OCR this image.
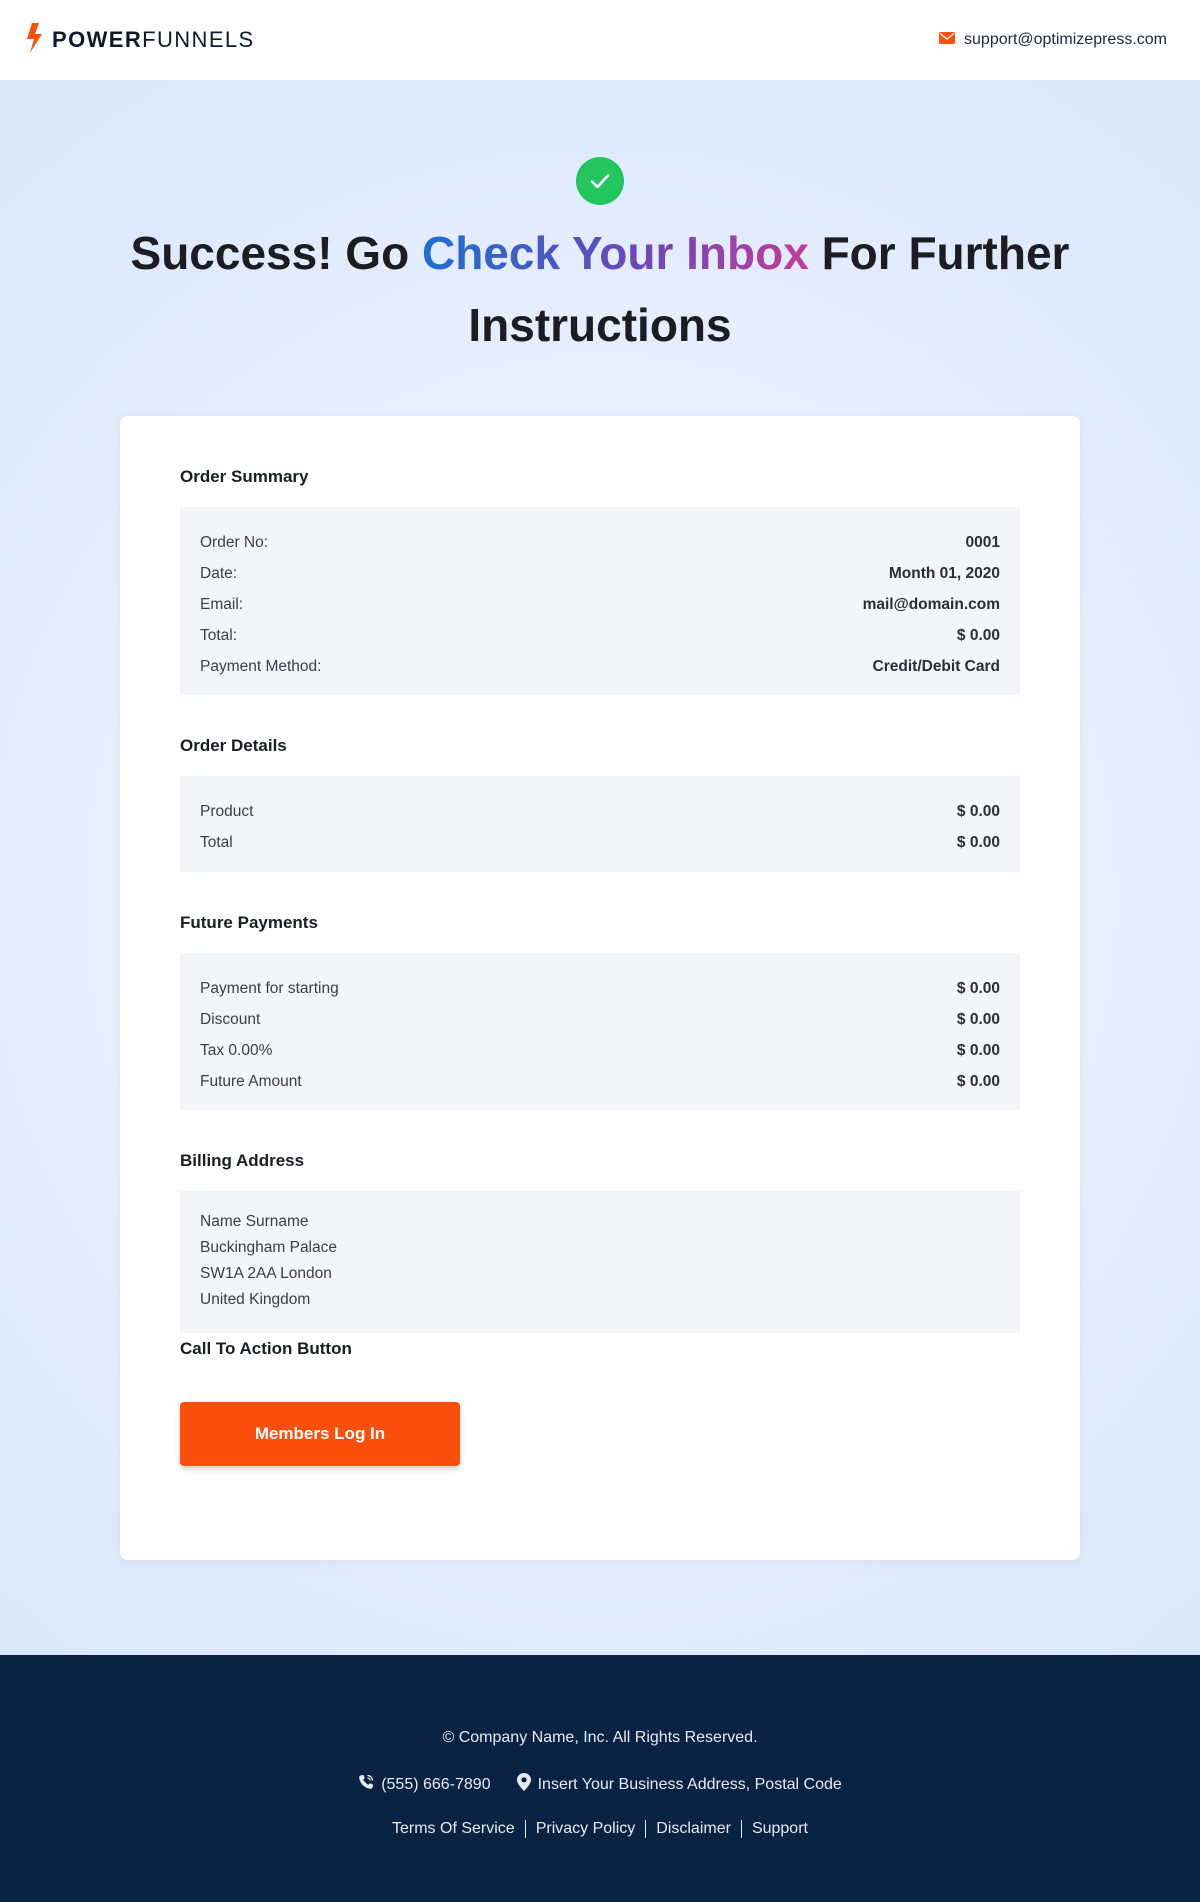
POWERFUNNELS	support@optimizepress.com
Success! Go Check Your Inbox For Further Instructions
Order Summary
Order No:	0001
Date:	Month 01, 2020
Email:	mail@domain.com
Total:	$ 0.00
Payment Method:	Credit/Debit Card
Order Details
Product	$ 0.00
Total	$ 0.00
Future Payments
Payment for starting	$ 0.00
Discount	$ 0.00
Tax 0.00%	$ 0.00
Future Amount	$ 0.00
Billing Address
Name Surname
Buckingham Palace
SW1A 2AA London
United Kingdom
Call To Action Button
Members Log In
© Company Name, Inc. All Rights Reserved.
(555) 666-7890	Insert Your Business Address, Postal Code
Terms Of Service Privacy Policy Disclaimer Support
